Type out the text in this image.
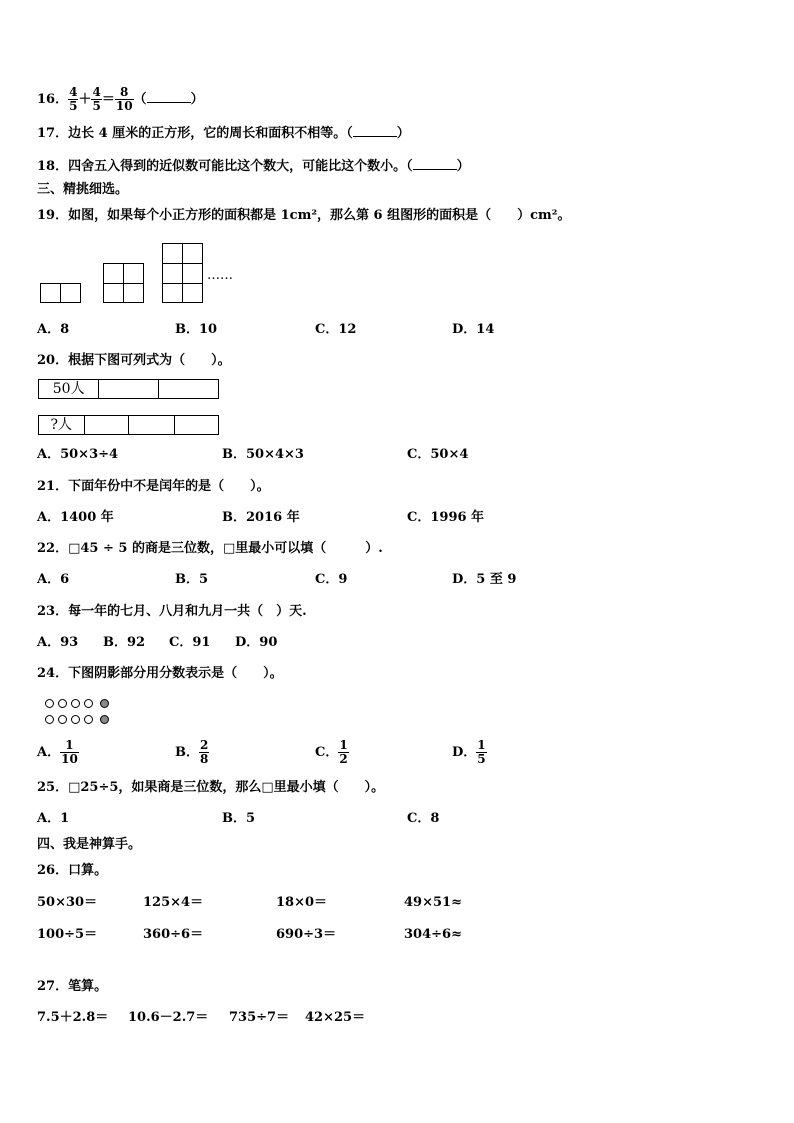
16． $\frac{4}{5} + \frac{4}{5} = \frac{8}{10}$ （	）
17．边长 4 厘米的正方形，它的周长和面积不相等。（	）
18．四舍五入得到的近似数可能比这个数大，可能比这个数小。（	）
三、精挑细选。
19．如图，如果每个小正方形的面积都是 1cm²，那么第 6 组图形的面积是（　　）cm²。
……
A．8	B．10	C．12	D．14
20．根据下图可列式为（　　）。
50人
?人
A．50×3÷4	B．50×4×3	C．50×4
21．下面年份中不是闰年的是（　　）。
A．1400 年	B．2016 年	C．1996 年
22．□45 ÷ 5 的商是三位数，□里最小可以填（　　　）.
A．6	B．5	C．9	D．5 至 9
23．每一年的七月、八月和九月一共（　）天.
A．93 B．92 C．91 D．90
24．下图阴影部分用分数表示是（　　）。
A． $\frac{1}{10}$	B． $\frac{2}{8}$	C． $\frac{1}{2}$	D． $\frac{1}{5}$
25．□25÷5，如果商是三位数，那么□里最小填（　　）。
A．1	B．5	C．8
四、我是神算手。
26．口算。
50×30＝	125×4＝	18×0＝	49×51≈
100÷5＝	360÷6＝	690÷3＝	304÷6≈
27．笔算。
7.5＋2.8＝ 10.6－2.7＝ 735÷7＝ 42×25＝
